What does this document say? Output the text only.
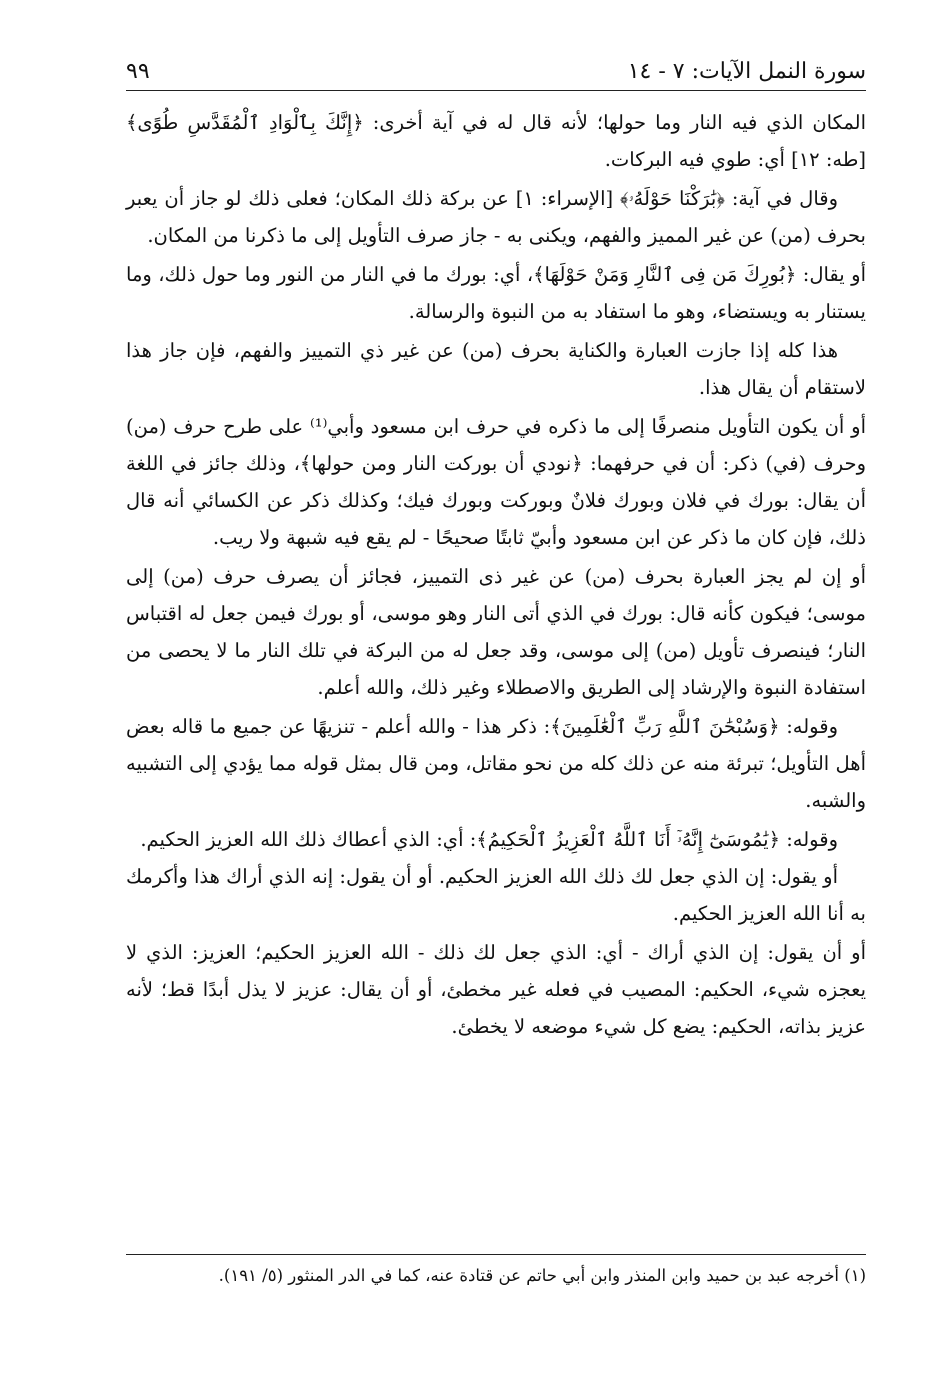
سورة النمل الآيات: ٧ - ١٤
٩٩

المكان الذي فيه النار وما حولها؛ لأنه قال له في آية أخرى: ﴿إِنَّكَ بِٱلْوَادِ ٱلْمُقَدَّسِ طُوًى﴾ [طه: ١٢] أي: طوي فيه البركات.

وقال في آية: ﴿بَٰرَكْنَا حَوْلَهُۥ﴾ [الإسراء: ١] عن بركة ذلك المكان؛ فعلى ذلك لو جاز أن يعبر بحرف (من) عن غير المميز والفهم، ويكنى به - جاز صرف التأويل إلى ما ذكرنا من المكان.

أو يقال: ﴿بُورِكَ مَن فِى ٱلنَّارِ وَمَنْ حَوْلَهَا﴾، أي: بورك ما في النار من النور وما حول ذلك، وما يستنار به ويستضاء، وهو ما استفاد به من النبوة والرسالة.

هذا كله إذا جازت العبارة والكناية بحرف (من) عن غير ذي التمييز والفهم، فإن جاز هذا لاستقام أن يقال هذا.

أو أن يكون التأويل منصرفًا إلى ما ذكره في حرف ابن مسعود وأبي⁽¹⁾ على طرح حرف (من) وحرف (في) ذكر: أن في حرفهما: ﴿نودي أن بوركت النار ومن حولها﴾، وذلك جائز في اللغة أن يقال: بورك في فلان وبورك فلانٌ وبوركت وبورك فيك؛ وكذلك ذكر عن الكسائي أنه قال ذلك، فإن كان ما ذكر عن ابن مسعود وأبيّ ثابتًا صحيحًا - لم يقع فيه شبهة ولا ريب.

أو إن لم يجز العبارة بحرف (من) عن غير ذى التمييز، فجائز أن يصرف حرف (من) إلى موسى؛ فيكون كأنه قال: بورك في الذي أتى النار وهو موسى، أو بورك فيمن جعل له اقتباس النار؛ فينصرف تأويل (من) إلى موسى، وقد جعل له من البركة في تلك النار ما لا يحصى من استفادة النبوة والإرشاد إلى الطريق والاصطلاء وغير ذلك، والله أعلم.

وقوله: ﴿وَسُبْحَٰنَ ٱللَّهِ رَبِّ ٱلْعَٰلَمِينَ﴾: ذكر هذا - والله أعلم - تنزيهًا عن جميع ما قاله بعض أهل التأويل؛ تبرئة منه عن ذلك كله من نحو مقاتل، ومن قال بمثل قوله مما يؤدي إلى التشبيه والشبه.

وقوله: ﴿يَٰمُوسَىٰٓ إِنَّهُۥٓ أَنَا ٱللَّهُ ٱلْعَزِيزُ ٱلْحَكِيمُ﴾: أي: الذي أعطاك ذلك الله العزيز الحكيم.

أو يقول: إن الذي جعل لك ذلك الله العزيز الحكيم. أو أن يقول: إنه الذي أراك هذا وأكرمك به أنا الله العزيز الحكيم.

أو أن يقول: إن الذي أراك - أي: الذي جعل لك ذلك - الله العزيز الحكيم؛ العزيز: الذي لا يعجزه شيء، الحكيم: المصيب في فعله غير مخطئ، أو أن يقال: عزيز لا يذل أبدًا قط؛ لأنه عزيز بذاته، الحكيم: يضع كل شيء موضعه لا يخطئ.

(١) أخرجه عبد بن حميد وابن المنذر وابن أبي حاتم عن قتادة عنه، كما في الدر المنثور (٥/ ١٩١).
